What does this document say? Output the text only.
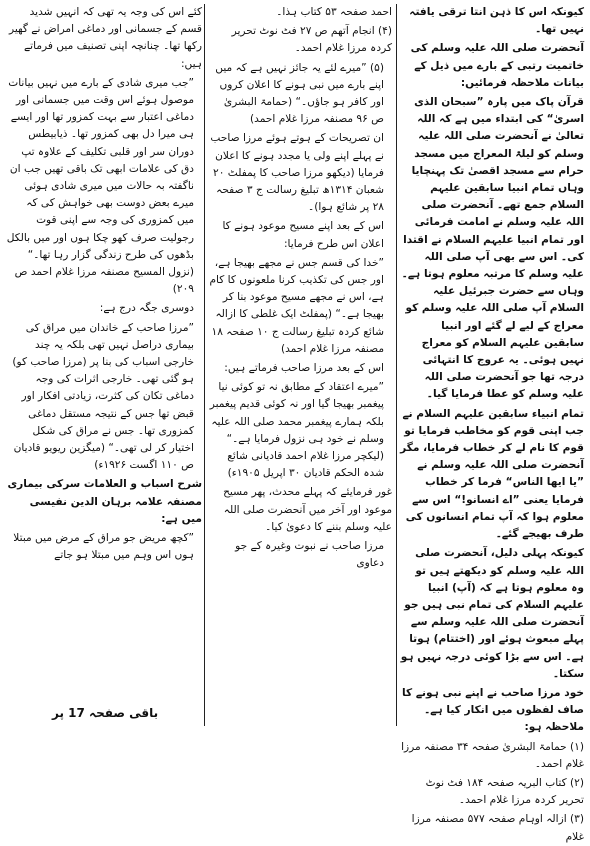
کیونکہ اس کا ذہن انتا ترقی یافتہ نہیں تھا۔
آنحضرت صلی اللہ علیہ وسلم کی خاتمیت رتبی کے بارے میں ذیل کے بیانات ملاحظہ فرمائیں:
قرآن پاک میں پارہ ”سبحان الذی اسریٰ“ کی ابتداء میں ہے کہ اللہ تعالیٰ نے آنحضرت صلی اللہ علیہ وسلم کو لیلۃ المعراج میں مسجد حرام سے مسجد اقصیٰ تک پہنچایا وہاں تمام انبیا سابقین علیہم السلام جمع تھے۔ آنحضرت صلی اللہ علیہ وسلم نے امامت فرمائی اور تمام انبیا علیہم السلام نے اقتدا کی۔ اس سے بھی آپ صلی اللہ علیہ وسلم کا مرتبہ معلوم ہوتا ہے۔ وہاں سے حضرت جبرئیل علیہ السلام آپ صلی اللہ علیہ وسلم کو معراج کے لیے لے گئے اور انبیا سابقین علیہم السلام کو معراج نہیں ہوئی۔ یہ عروج کا انتہائی درجہ تھا جو آنحضرت صلی اللہ علیہ وسلم کو عطا فرمایا گیا۔
تمام انبیاء سابقین علیہم السلام نے جب اپنی قوم کو مخاطب فرمایا تو قوم کا نام لے کر خطاب فرمایا، مگر آنحضرت صلی اللہ علیہ وسلم نے ”یا ایھا الناس“ فرما کر خطاب فرمایا یعنی ”اے انسانو!“ اس سے معلوم ہوا کہ آپ تمام انسانوں کی طرف بھیجے گئے۔
کیونکہ پہلی دلیل، آنحضرت صلی اللہ علیہ وسلم کو دیکھتے ہیں تو وہ معلوم ہوتا ہے کہ (آپ) انبیا علیہم السلام کی تمام نبی ہیں جو آنحضرت صلی اللہ علیہ وسلم سے پہلے مبعوث ہوئے اور (اختتام) ہوتا ہے۔ اس سے بڑا کوئی درجہ نہیں ہو سکتا۔
خود مرزا صاحب نے اپنے نبی ہونے کا صاف لفظوں میں انکار کیا ہے۔ ملاحظہ ہو:
(۱) حمامۃ البشریٰ صفحہ ۳۴ مصنفہ مرزا غلام احمد۔
(۲) کتاب البریہ صفحہ ۱۸۴ فٹ نوٹ تحریر کردہ مرزا غلام احمد۔
(۳) ازالہ اوہام صفحہ ۵۷۷ مصنفہ مرزا غلام
احمد صفحہ ۵۳ کتاب ہذا۔
(۴) انجام آتھم ص ۲۷ فٹ نوٹ تحریر کردہ مرزا غلام احمد۔
(۵) ”میرے لئے یہ جائز نہیں ہے کہ میں اپنے بارے میں نبی ہونے کا اعلان کروں اور کافر ہو جاؤں۔“ (حمامۃ البشریٰ ص ۹۶ مصنفہ مرزا غلام احمد)
ان تصریحات کے ہوتے ہوئے مرزا صاحب نے پہلے اپنے ولی یا مجدد ہونے کا اعلان فرمایا (دیکھو مرزا صاحب کا پمفلٹ ۲۰ شعبان ۱۳۱۴ھ تبلیغ رسالت ج ۳ صفحہ ۲۸ پر شائع ہوا)۔
اس کے بعد اپنے مسیح موعود ہونے کا اعلان اس طرح فرمایا:
”خدا کی قسم جس نے مجھے بھیجا ہے، اور جس کی تکذیب کرنا ملعونوں کا کام ہے، اس نے مجھے مسیح موعود بنا کر بھیجا ہے۔“ (پمفلٹ ایک غلطی کا ازالہ شائع کردہ تبلیغ رسالت ج ۱۰ صفحہ ۱۸ مصنفہ مرزا غلام احمد)
اس کے بعد مرزا صاحب فرماتے ہیں:
”میرے اعتقاد کے مطابق نہ تو کوئی نیا پیغمبر بھیجا گیا اور نہ کوئی قدیم پیغمبر بلکہ ہمارے پیغمبر محمد صلی اللہ علیہ وسلم نے خود ہی نزول فرمایا ہے۔“ (لیکچر مرزا غلام احمد قادیانی شائع شدہ الحکم قادیان ۳۰ اپریل ۱۹۰۵ء)
غور فرمایئے کہ پہلے محدث، پھر مسیح موعود اور آخر میں آنحضرت صلی اللہ علیہ وسلم بننے کا دعویٰ کیا۔
مرزا صاحب نے نبوت وغیرہ کے جو دعاوی
کئے اس کی وجہ یہ تھی کہ انہیں شدید قسم کے جسمانی اور دماغی امراض نے گھیر رکھا تھا۔ چنانچہ اپنی تصنیف میں فرماتے ہیں:
”جب میری شادی کے بارے میں نہیں بیانات موصول ہوئے اس وقت میں جسمانی اور دماغی اعتبار سے بہت کمزور تھا اور ایسے ہی میرا دل بھی کمزور تھا۔ ذیابیطس دوران سر اور قلبی تکلیف کے علاوہ تپ دق کی علامات ابھی تک باقی تھیں جب ان ناگفتہ بہ حالات میں میری شادی ہوئی میرے بعض دوست بھی خواہش کی کہ میں کمزوری کی وجہ سے اپنی قوت رجولیت صرف کھو چکا ہوں اور میں بالکل بڈھوں کی طرح زندگی گزار رہا تھا۔“ (نزول المسیح مصنفہ مرزا غلام احمد ص ۲۰۹)
دوسری جگہ درج ہے:
”مرزا صاحب کے خاندان میں مراق کی بیماری دراصل نہیں تھی بلکہ یہ چند خارجی اسباب کی بنا پر (مرزا صاحب کو) ہو گئی تھی۔ خارجی اثرات کی وجہ دماغی تکان کی کثرت، زیادتی افکار اور قبض تھا جس کے نتیجہ مستقل دماغی کمزوری تھا۔ جس نے مراق کی شکل اختیار کر لی تھی۔“ (میگزین ریویو قادیان ص ۱۱۰ اگست ۱۹۲۶ء)
شرح اسباب و العلامات سرکی بیماری مصنفہ علامہ برہان الدین نفیسی میں ہے:
”کچھ مریض جو مراق کے مرض میں مبتلا ہوں اس وہم میں مبتلا ہو جاتے
باقی صفحہ 17 پر
